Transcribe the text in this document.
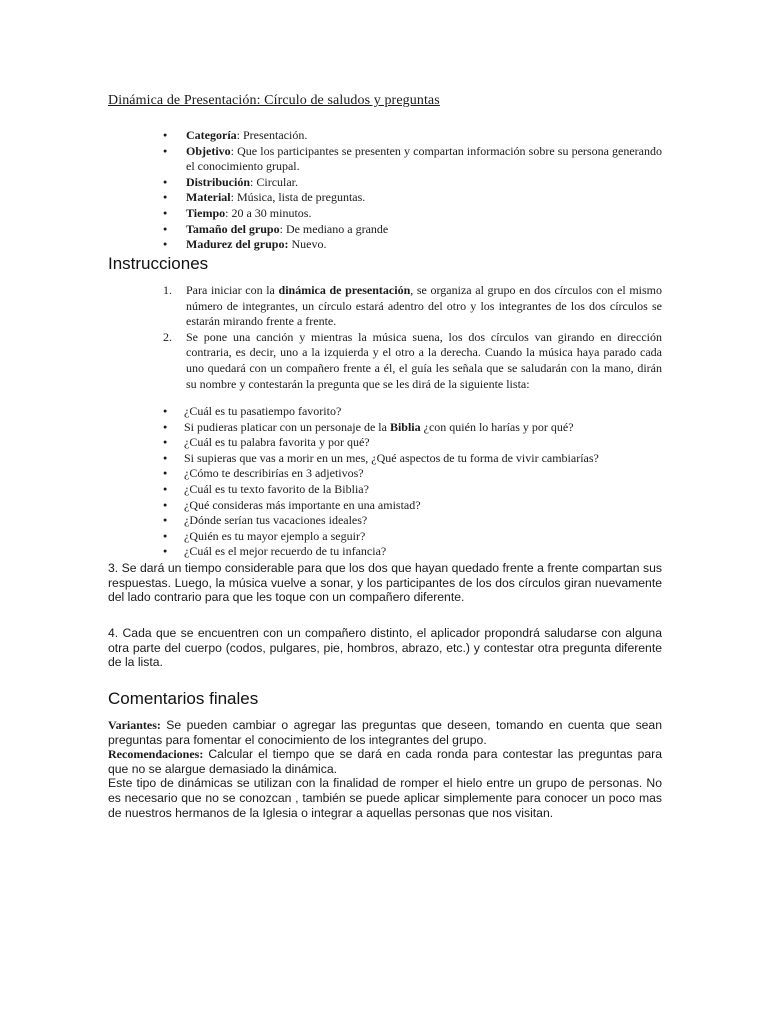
Dinámica de Presentación: Círculo de saludos y preguntas
● Categoría: Presentación.
● Objetivo: Que los participantes se presenten y compartan información sobre su persona generando el conocimiento grupal.
● Distribución: Circular.
● Material: Música, lista de preguntas.
● Tiempo: 20 a 30 minutos.
● Tamaño del grupo: De mediano a grande
● Madurez del grupo: Nuevo.
Instrucciones
1. Para iniciar con la dinámica de presentación, se organiza al grupo en dos círculos con el mismo número de integrantes, un círculo estará adentro del otro y los integrantes de los dos círculos se estarán mirando frente a frente.
2. Se pone una canción y mientras la música suena, los dos círculos van girando en dirección contraria, es decir, uno a la izquierda y el otro a la derecha. Cuando la música haya parado cada uno quedará con un compañero frente a él, el guía les señala que se saludarán con la mano, dirán su nombre y contestarán la pregunta que se les dirá de la siguiente lista:
● ¿Cuál es tu pasatiempo favorito?
● Si pudieras platicar con un personaje de la Biblia ¿con quién lo harías y por qué?
● ¿Cuál es tu palabra favorita y por qué?
● Si supieras que vas a morir en un mes, ¿Qué aspectos de tu forma de vivir cambiarías?
● ¿Cómo te describirías en 3 adjetivos?
● ¿Cuál es tu texto favorito de la Biblia?
● ¿Qué consideras más importante en una amistad?
● ¿Dónde serían tus vacaciones ideales?
● ¿Quién es tu mayor ejemplo a seguir?
● ¿Cuál es el mejor recuerdo de tu infancia?
3. Se dará un tiempo considerable para que los dos que hayan quedado frente a frente compartan sus respuestas. Luego, la música vuelve a sonar, y los participantes de los dos círculos giran nuevamente del lado contrario para que les toque con un compañero diferente.
4. Cada que se encuentren con un compañero distinto, el aplicador propondrá saludarse con alguna otra parte del cuerpo (codos, pulgares, pie, hombros, abrazo, etc.) y contestar otra pregunta diferente de la lista.
Comentarios finales

Variantes: Se pueden cambiar o agregar las preguntas que deseen, tomando en cuenta que sean preguntas para fomentar el conocimiento de los integrantes del grupo.

Recomendaciones: Calcular el tiempo que se dará en cada ronda para contestar las preguntas para que no se alargue demasiado la dinámica.

Este tipo de dinámicas se utilizan con la finalidad de romper el hielo entre un grupo de personas. No es necesario que no se conozcan , también se puede aplicar simplemente para conocer un poco mas de nuestros hermanos de la Iglesia o integrar a aquellas personas que nos visitan.
